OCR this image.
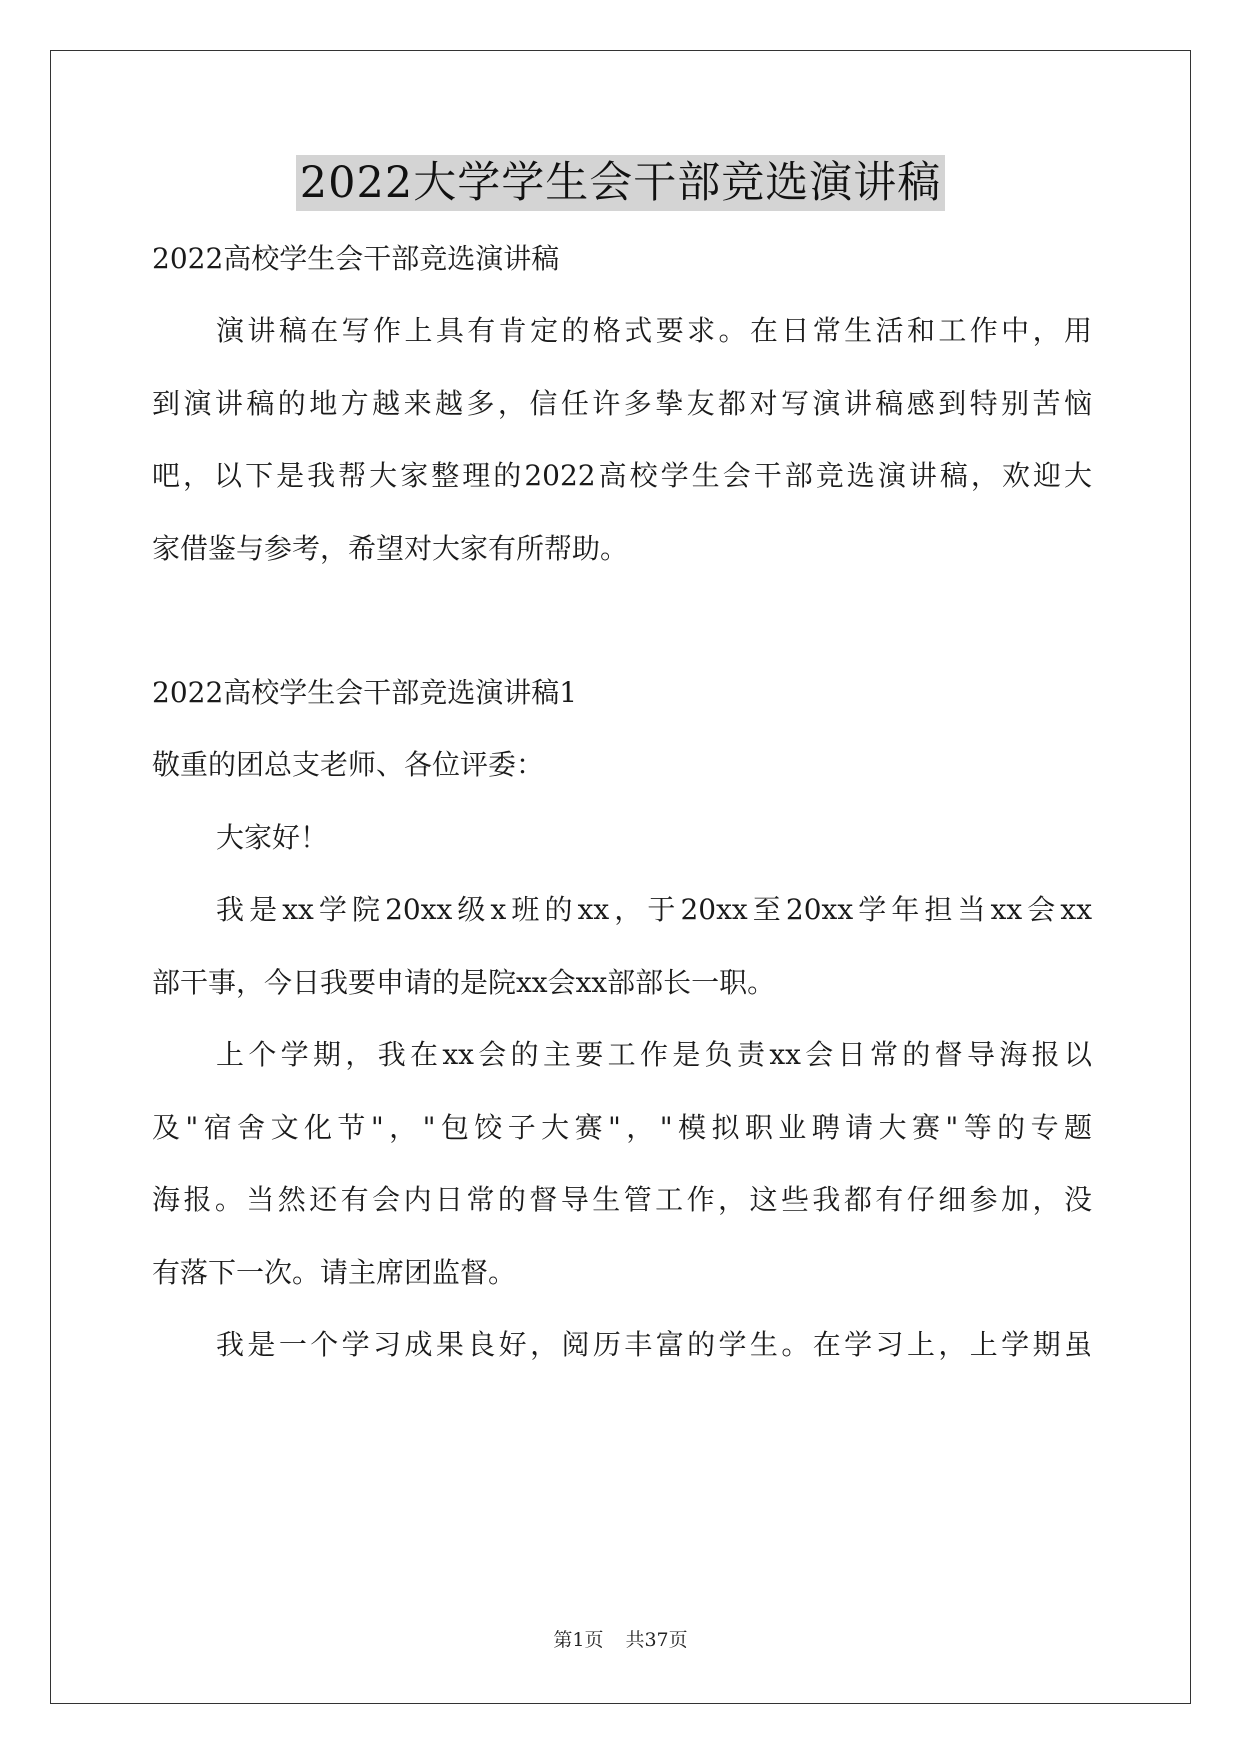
2022大学学生会干部竞选演讲稿
2022高校学生会干部竞选演讲稿
演讲稿在写作上具有肯定的格式要求。在日常生活和工作中，用
到演讲稿的地方越来越多，信任许多挚友都对写演讲稿感到特别苦恼
吧，以下是我帮大家整理的2022高校学生会干部竞选演讲稿，欢迎大
家借鉴与参考，希望对大家有所帮助。
2022高校学生会干部竞选演讲稿1
敬重的团总支老师、各位评委：
大家好！
我是xx学院20xx级x班的xx，于20xx至20xx学年担当xx会xx
部干事，今日我要申请的是院xx会xx部部长一职。
上个学期，我在xx会的主要工作是负责xx会日常的督导海报以
及"宿舍文化节"，"包饺子大赛"，"模拟职业聘请大赛"等的专题
海报。当然还有会内日常的督导生管工作，这些我都有仔细参加，没
有落下一次。请主席团监督。
我是一个学习成果良好，阅历丰富的学生。在学习上，上学期虽
第1页 共37页
